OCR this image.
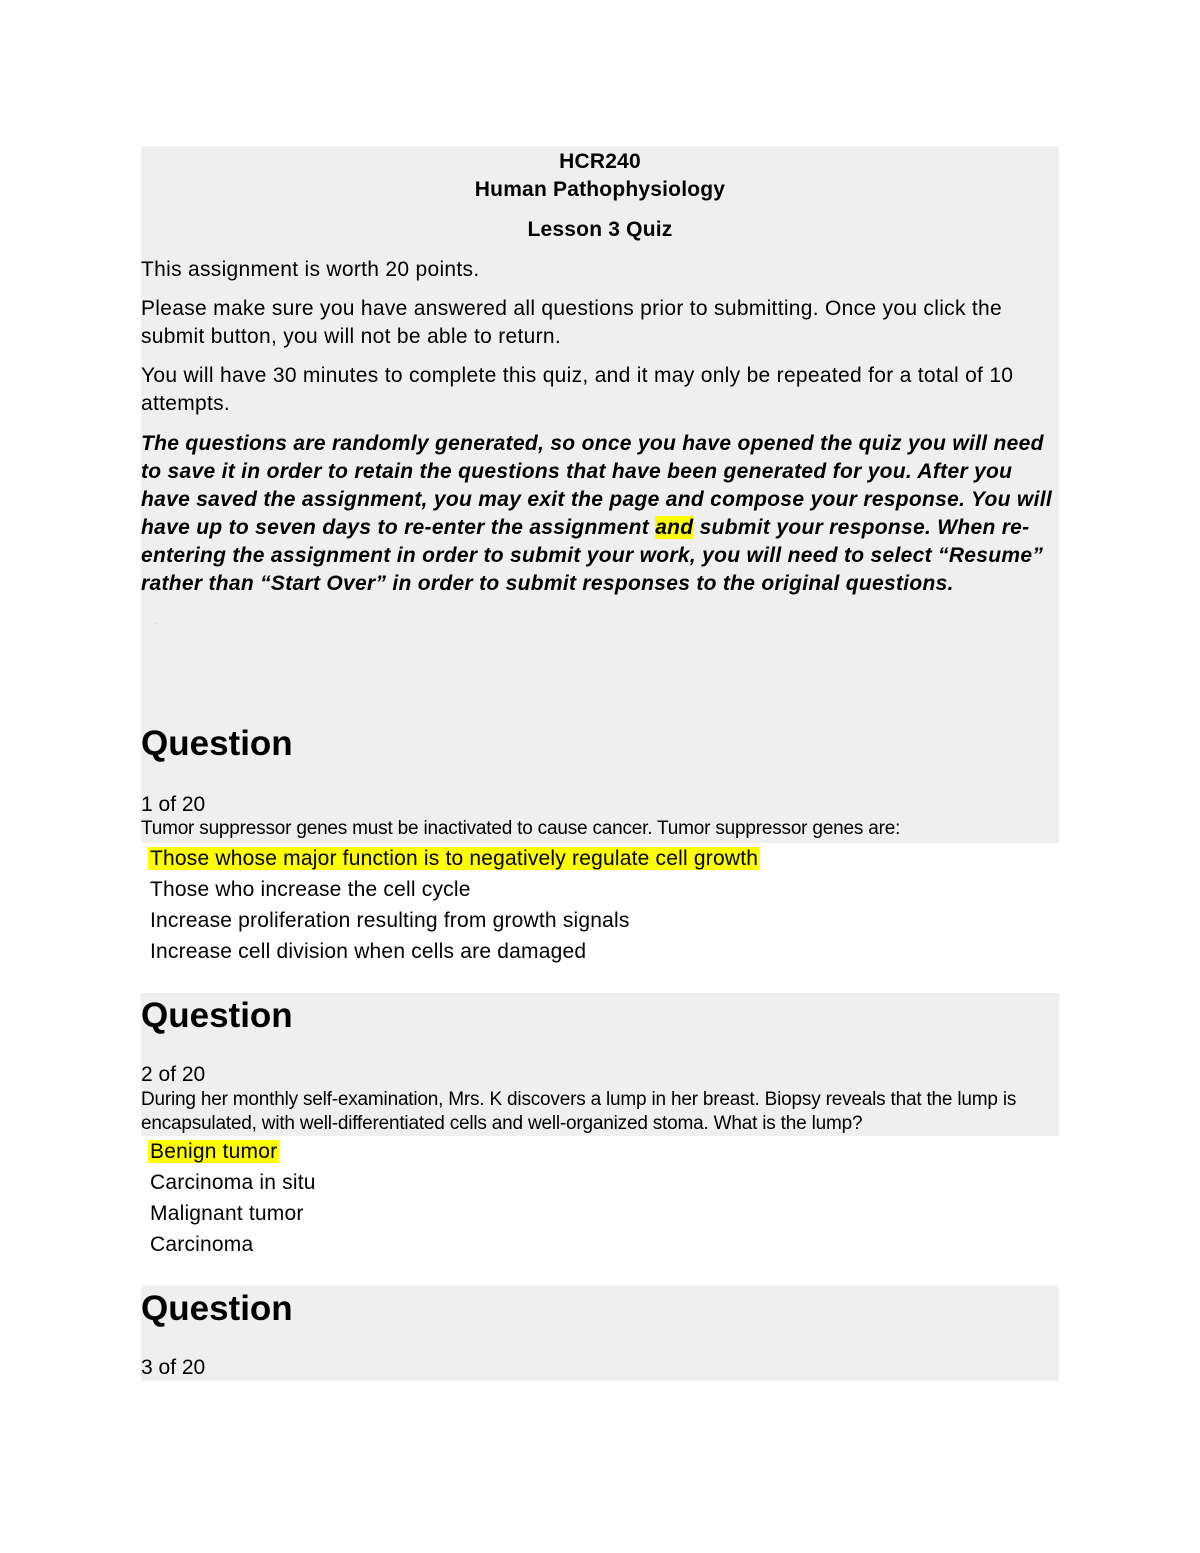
HCR240
Human Pathophysiology
Lesson 3 Quiz

This assignment is worth 20 points.

Please make sure you have answered all questions prior to submitting. Once you click the submit button, you will not be able to return.

You will have 30 minutes to complete this quiz, and it may only be repeated for a total of 10 attempts.

The questions are randomly generated, so once you have opened the quiz you will need to save it in order to retain the questions that have been generated for you. After you have saved the assignment, you may exit the page and compose your response. You will have up to seven days to re-enter the assignment and submit your response. When re-entering the assignment in order to submit your work, you will need to select “Resume” rather than “Start Over” in order to submit responses to the original questions.

·
Question
1 of 20
Tumor suppressor genes must be inactivated to cause cancer. Tumor suppressor genes are:
Those whose major function is to negatively regulate cell growth
Those who increase the cell cycle
Increase proliferation resulting from growth signals
Increase cell division when cells are damaged
Question
2 of 20
During her monthly self-examination, Mrs. K discovers a lump in her breast. Biopsy reveals that the lump is encapsulated, with well-differentiated cells and well-organized stoma. What is the lump?
Benign tumor
Carcinoma in situ
Malignant tumor
Carcinoma
Question
3 of 20
